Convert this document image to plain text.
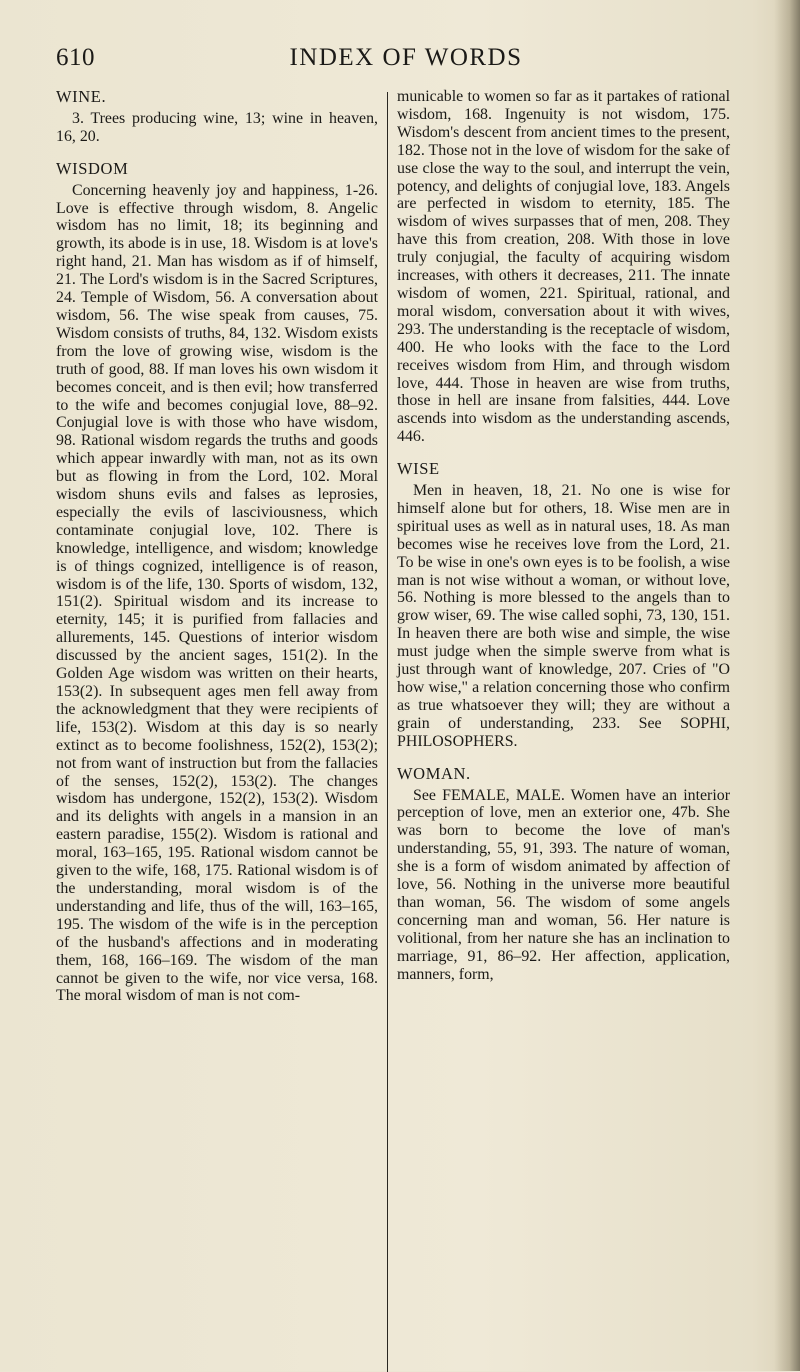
610	INDEX OF WORDS
WINE.

3. Trees producing wine, 13; wine in heaven, 16, 20.

WISDOM

Concerning heavenly joy and happiness, 1-26. Love is effective through wisdom, 8. Angelic wisdom has no limit, 18; its beginning and growth, its abode is in use, 18. Wisdom is at love's right hand, 21. Man has wisdom as if of himself, 21. The Lord's wisdom is in the Sacred Scriptures, 24. Temple of Wisdom, 56. A conversation about wisdom, 56. The wise speak from causes, 75. Wisdom consists of truths, 84, 132. Wisdom exists from the love of growing wise, wisdom is the truth of good, 88. If man loves his own wisdom it becomes conceit, and is then evil; how transferred to the wife and becomes conjugial love, 88–92. Conjugial love is with those who have wisdom, 98. Rational wisdom regards the truths and goods which appear inwardly with man, not as its own but as flowing in from the Lord, 102. Moral wisdom shuns evils and falses as leprosies, especially the evils of lasciviousness, which contaminate conjugial love, 102. There is knowledge, intelligence, and wisdom; knowledge is of things cognized, intelligence is of reason, wisdom is of the life, 130. Sports of wisdom, 132, 151(2). Spiritual wisdom and its increase to eternity, 145; it is purified from fallacies and allurements, 145. Questions of interior wisdom discussed by the ancient sages, 151(2). In the Golden Age wisdom was written on their hearts, 153(2). In subsequent ages men fell away from the acknowledgment that they were recipients of life, 153(2). Wisdom at this day is so nearly extinct as to become foolishness, 152(2), 153(2); not from want of instruction but from the fallacies of the senses, 152(2), 153(2). The changes wisdom has undergone, 152(2), 153(2). Wisdom and its delights with angels in a mansion in an eastern paradise, 155(2). Wisdom is rational and moral, 163–165, 195. Rational wisdom cannot be given to the wife, 168, 175. Rational wisdom is of the understanding, moral wisdom is of the understanding and life, thus of the will, 163–165, 195. The wisdom of the wife is in the perception of the husband's affections and in moderating them, 168, 166–169. The wisdom of the man cannot be given to the wife, nor vice versa, 168. The moral wisdom of man is not com-

municable to women so far as it partakes of rational wisdom, 168. Ingenuity is not wisdom, 175. Wisdom's descent from ancient times to the present, 182. Those not in the love of wisdom for the sake of use close the way to the soul, and interrupt the vein, potency, and delights of conjugial love, 183. Angels are perfected in wisdom to eternity, 185. The wisdom of wives surpasses that of men, 208. They have this from creation, 208. With those in love truly conjugial, the faculty of acquiring wisdom increases, with others it decreases, 211. The innate wisdom of women, 221. Spiritual, rational, and moral wisdom, conversation about it with wives, 293. The understanding is the receptacle of wisdom, 400. He who looks with the face to the Lord receives wisdom from Him, and through wisdom love, 444. Those in heaven are wise from truths, those in hell are insane from falsities, 444. Love ascends into wisdom as the understanding ascends, 446.

WISE

Men in heaven, 18, 21. No one is wise for himself alone but for others, 18. Wise men are in spiritual uses as well as in natural uses, 18. As man becomes wise he receives love from the Lord, 21. To be wise in one's own eyes is to be foolish, a wise man is not wise without a woman, or without love, 56. Nothing is more blessed to the angels than to grow wiser, 69. The wise called sophi, 73, 130, 151. In heaven there are both wise and simple, the wise must judge when the simple swerve from what is just through want of knowledge, 207. Cries of "O how wise," a relation concerning those who confirm as true whatsoever they will; they are without a grain of understanding, 233. See SOPHI, PHILOSOPHERS.

WOMAN.

See FEMALE, MALE. Women have an interior perception of love, men an exterior one, 47b. She was born to become the love of man's understanding, 55, 91, 393. The nature of woman, she is a form of wisdom animated by affection of love, 56. Nothing in the universe more beautiful than woman, 56. The wisdom of some angels concerning man and woman, 56. Her nature is volitional, from her nature she has an inclination to marriage, 91, 86–92. Her affection, application, manners, form,
